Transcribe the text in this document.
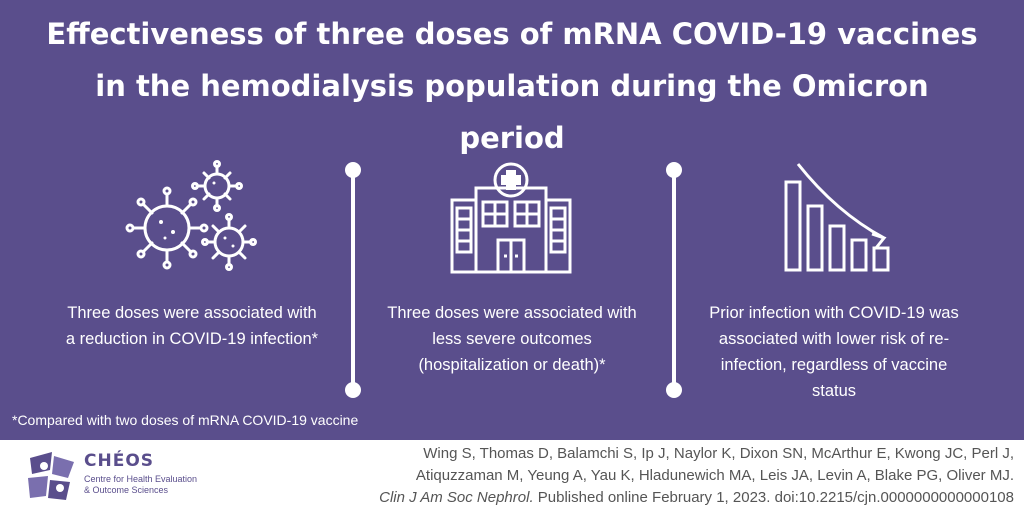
Effectiveness of three doses of mRNA COVID-19 vaccines in the hemodialysis population during the Omicron period
Three doses were associated with a reduction in COVID-19 infection*
Three doses were associated with less severe outcomes (hospitalization or death)*
Prior infection with COVID-19 was associated with lower risk of re-infection, regardless of vaccine status
*Compared with two doses of mRNA COVID-19 vaccine
CHÉOS
Centre for Health Evaluation
& Outcome Sciences
Wing S, Thomas D, Balamchi S, Ip J, Naylor K, Dixon SN, McArthur E, Kwong JC, Perl J,
Atiquzzaman M, Yeung A, Yau K, Hladunewich MA, Leis JA, Levin A, Blake PG, Oliver MJ.
Clin J Am Soc Nephrol. Published online February 1, 2023. doi:10.2215/cjn.0000000000000108
